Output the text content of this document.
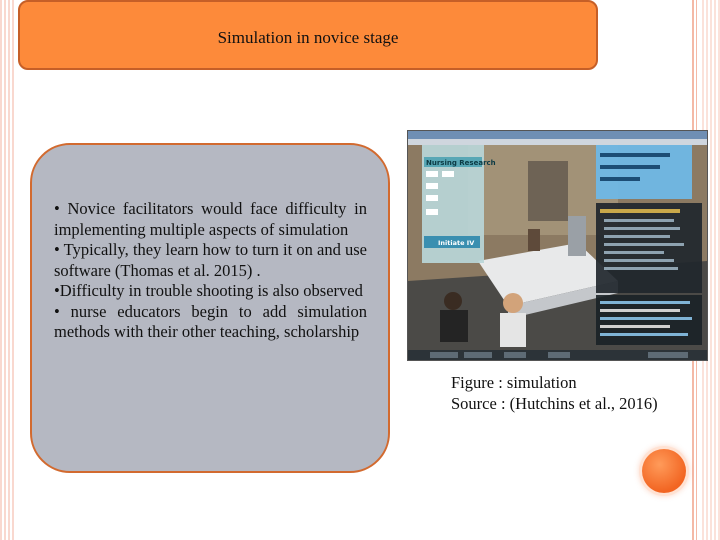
Simulation in novice stage

• Novice facilitators would face difficulty in implementing multiple aspects of simulation

• Typically, they learn how to turn it on and use software (Thomas et al. 2015) .

•Difficulty in trouble shooting is also observed

• nurse educators begin to add simulation methods with their other teaching, scholarship

Nursing Research
Initiate IV
Figure : simulation
Source : (Hutchins et al., 2016)
